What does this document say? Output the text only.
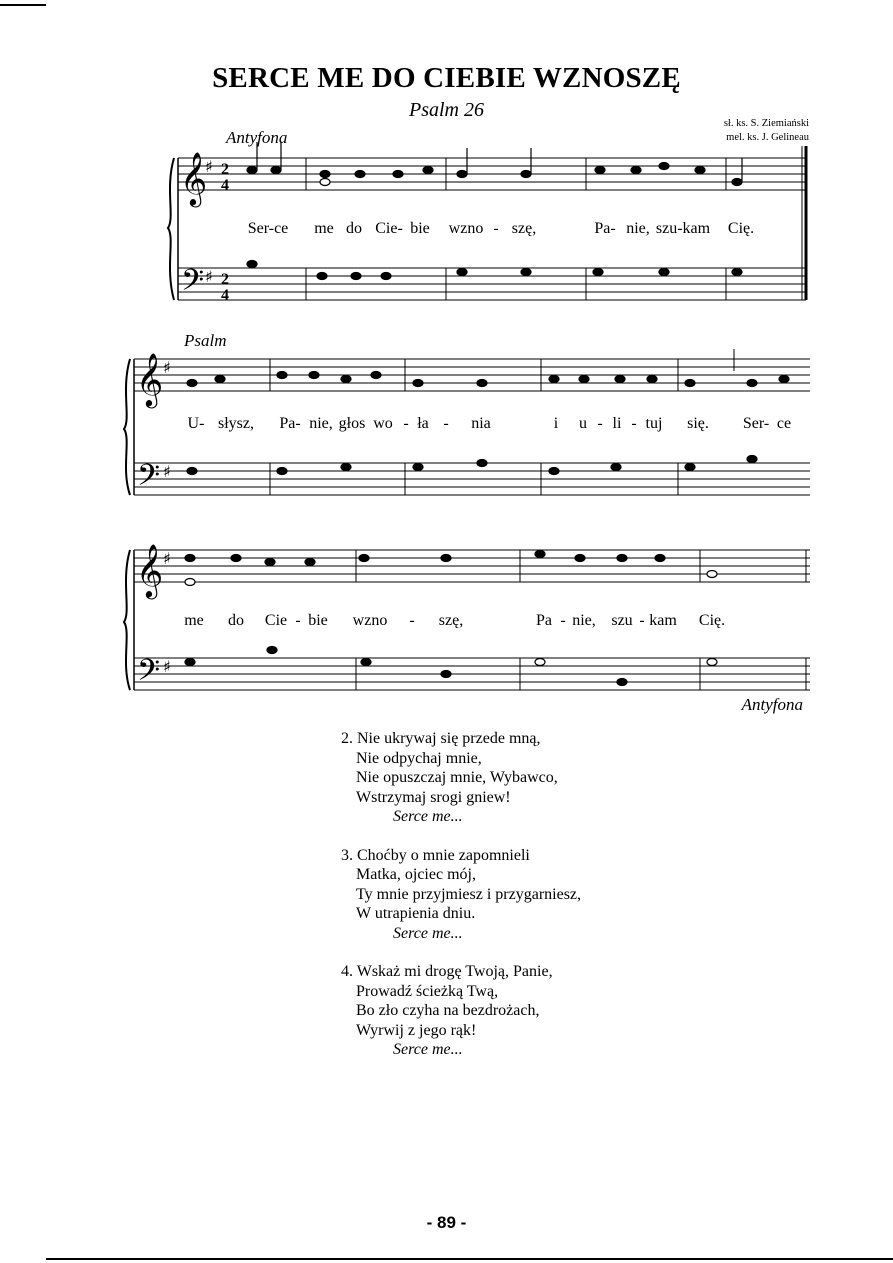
SERCE ME DO CIEBIE WZNOSZĘ
Psalm 26
sł. ks. S. Ziemiański
mel. ks. J. Gelineau
Antyfona
𝄞
𝄢
♯
♯
2
4
2
4
Ser-ce me do Cie- bie wzno - szę,	Pa- nie, szu-kam Cię.
Psalm
𝄞
𝄢
♯
♯
U- słysz, Pa- nie, głos wo - ła - nia	i u - li - tuj się. Ser- ce
𝄞
𝄢
♯
♯
me do Cie - bie wzno - szę,	Pa - nie, szu - kam Cię.
Antyfona
2. Nie ukrywaj się przede mną,
Nie odpychaj mnie,
Nie opuszczaj mnie, Wybawco,
Wstrzymaj srogi gniew!
Serce me...
3. Choćby o mnie zapomnieli
Matka, ojciec mój,
Ty mnie przyjmiesz i przygarniesz,
W utrapienia dniu.
Serce me...
4. Wskaż mi drogę Twoją, Panie,
Prowadź ścieżką Twą,
Bo zło czyha na bezdrożach,
Wyrwij z jego rąk!
Serce me...
- 89 -
